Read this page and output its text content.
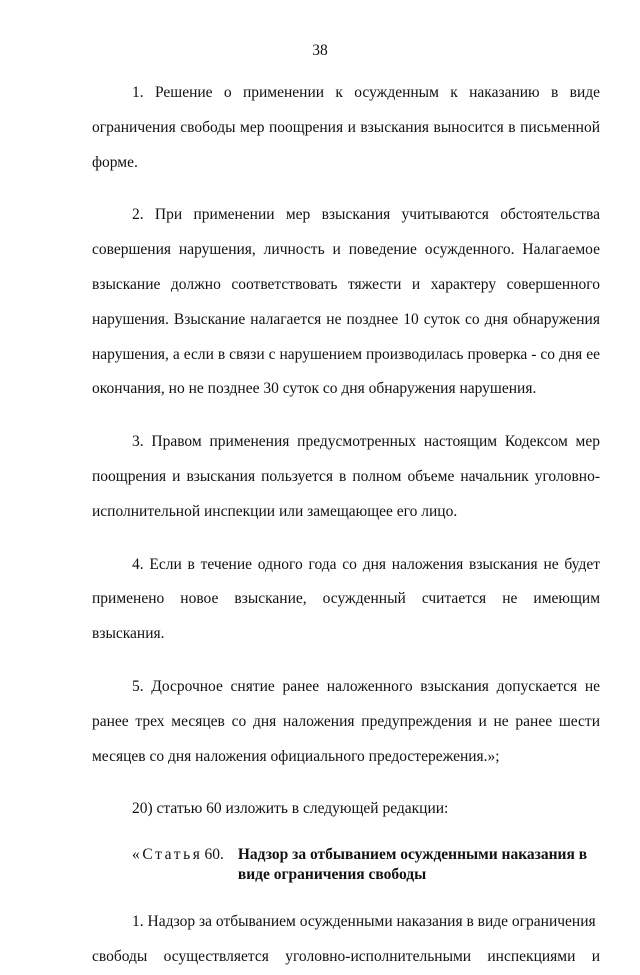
38

1. Решение о применении к осужденным к наказанию в виде ограничения свободы мер поощрения и взыскания выносится в письменной форме.

2. При применении мер взыскания учитываются обстоятельства совершения нарушения, личность и поведение осужденного. Налагаемое взыскание должно соответствовать тяжести и характеру совершенного нарушения. Взыскание налагается не позднее 10 суток со дня обнаружения нарушения, а если в связи с нарушением производилась проверка - со дня ее окончания, но не позднее 30 суток со дня обнаружения нарушения.

3. Правом применения предусмотренных настоящим Кодексом мер поощрения и взыскания пользуется в полном объеме начальник уголовно-исполнительной инспекции или замещающее его лицо.

4. Если в течение одного года со дня наложения взыскания не будет применено новое взыскание, осужденный считается не имеющим взыскания.

5. Досрочное снятие ранее наложенного взыскания допускается не ранее трех месяцев со дня наложения предупреждения и не ранее шести месяцев со дня наложения официального предостережения.»;

20) статью 60 изложить в следующей редакции:

«Статья 60. Надзор за отбыванием осужденными наказания в виде ограничения свободы

1. Надзор за отбыванием осужденными наказания в виде ограничения

свободы осуществляется уголовно-исполнительными инспекциями и
